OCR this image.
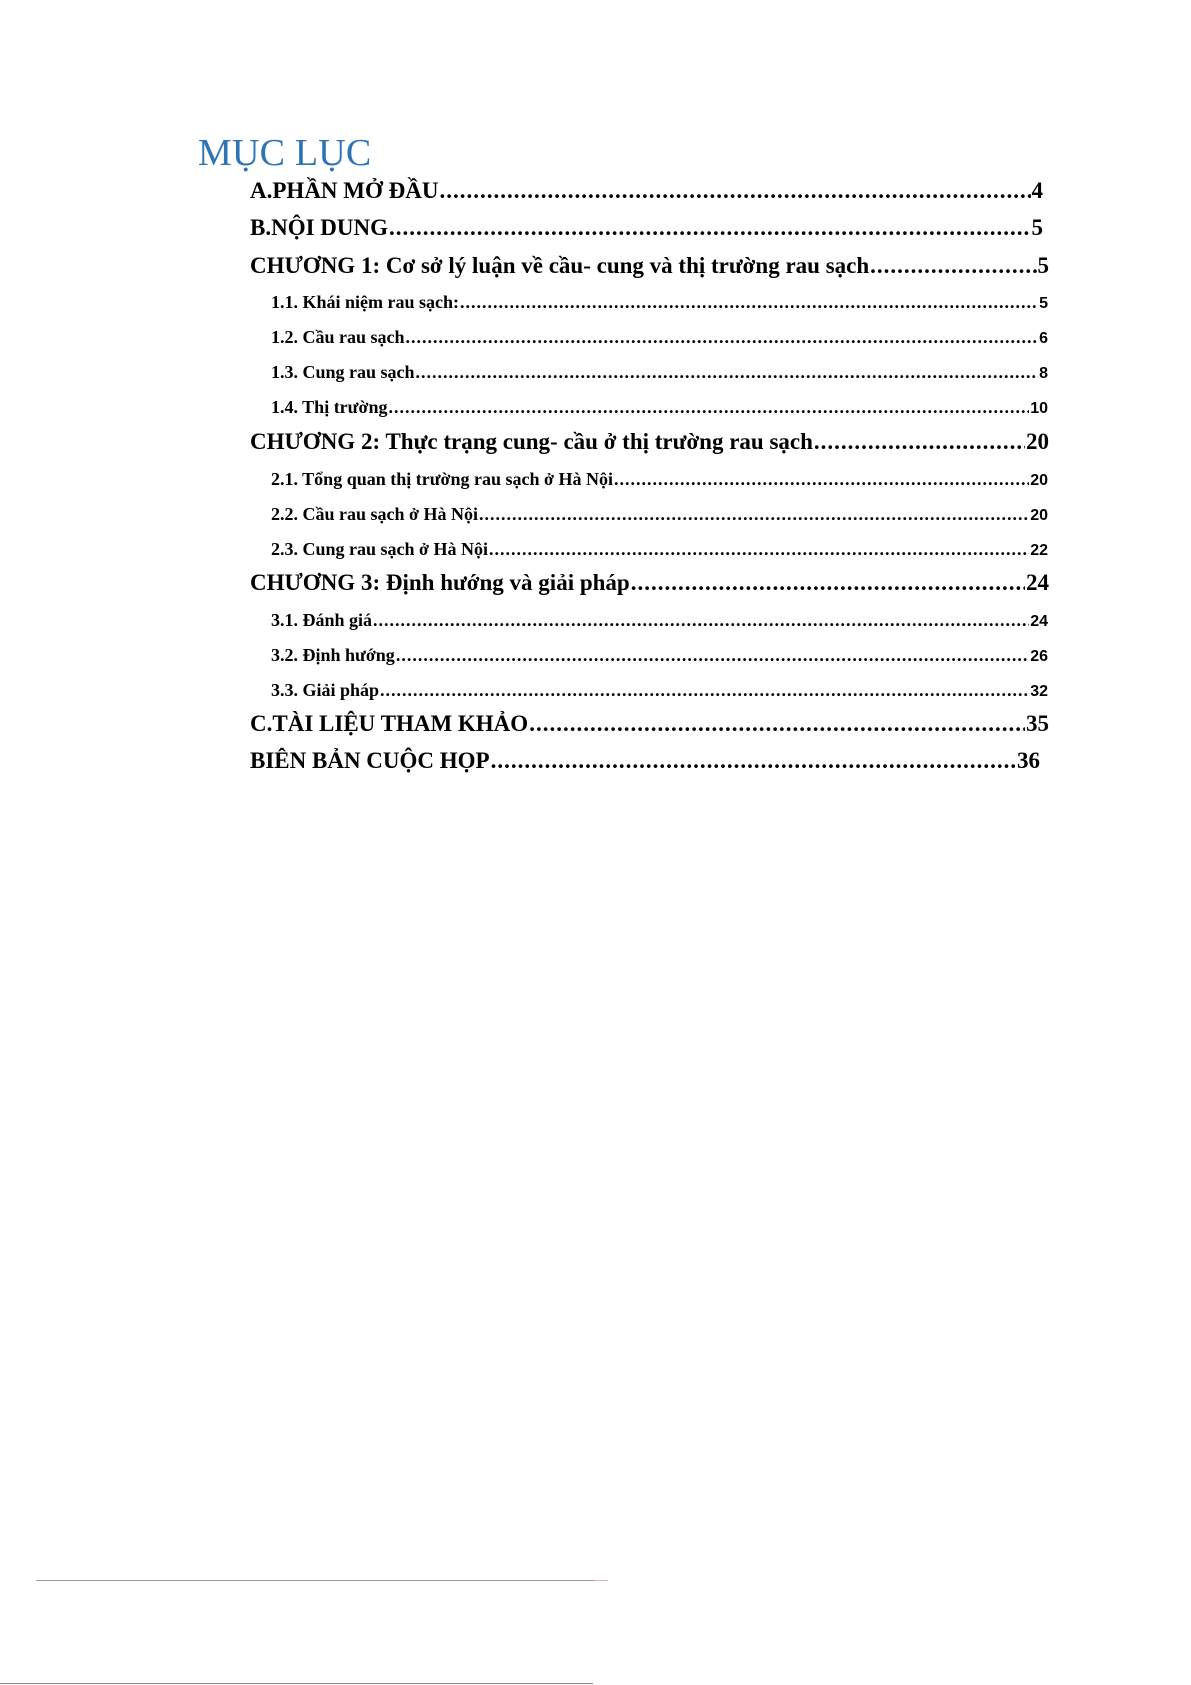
MỤC LỤC
A. PHẦN MỞ ĐẦU .....	4
B. NỘI DUNG .....	5
CHƯƠNG 1: Cơ sở lý luận về cầu- cung và thị trường rau sạch .....	5
1.1. Khái niệm rau sạch: .....	5
1.2. Cầu rau sạch .....	6
1.3. Cung rau sạch .....	8
1.4. Thị trường .....	10
CHƯƠNG 2: Thực trạng cung- cầu ở thị trường rau sạch .....	20
2.1. Tổng quan thị trường rau sạch ở Hà Nội .....	20
2.2. Cầu rau sạch ở Hà Nội .....	20
2.3. Cung rau sạch ở Hà Nội .....	22
CHƯƠNG 3: Định hướng và giải pháp .....	24
3.1. Đánh giá .....	24
3.2. Định hướng .....	26
3.3. Giải pháp .....	32
C. TÀI LIỆU THAM KHẢO .....	35
BIÊN BẢN CUỘC HỌP .....	36
